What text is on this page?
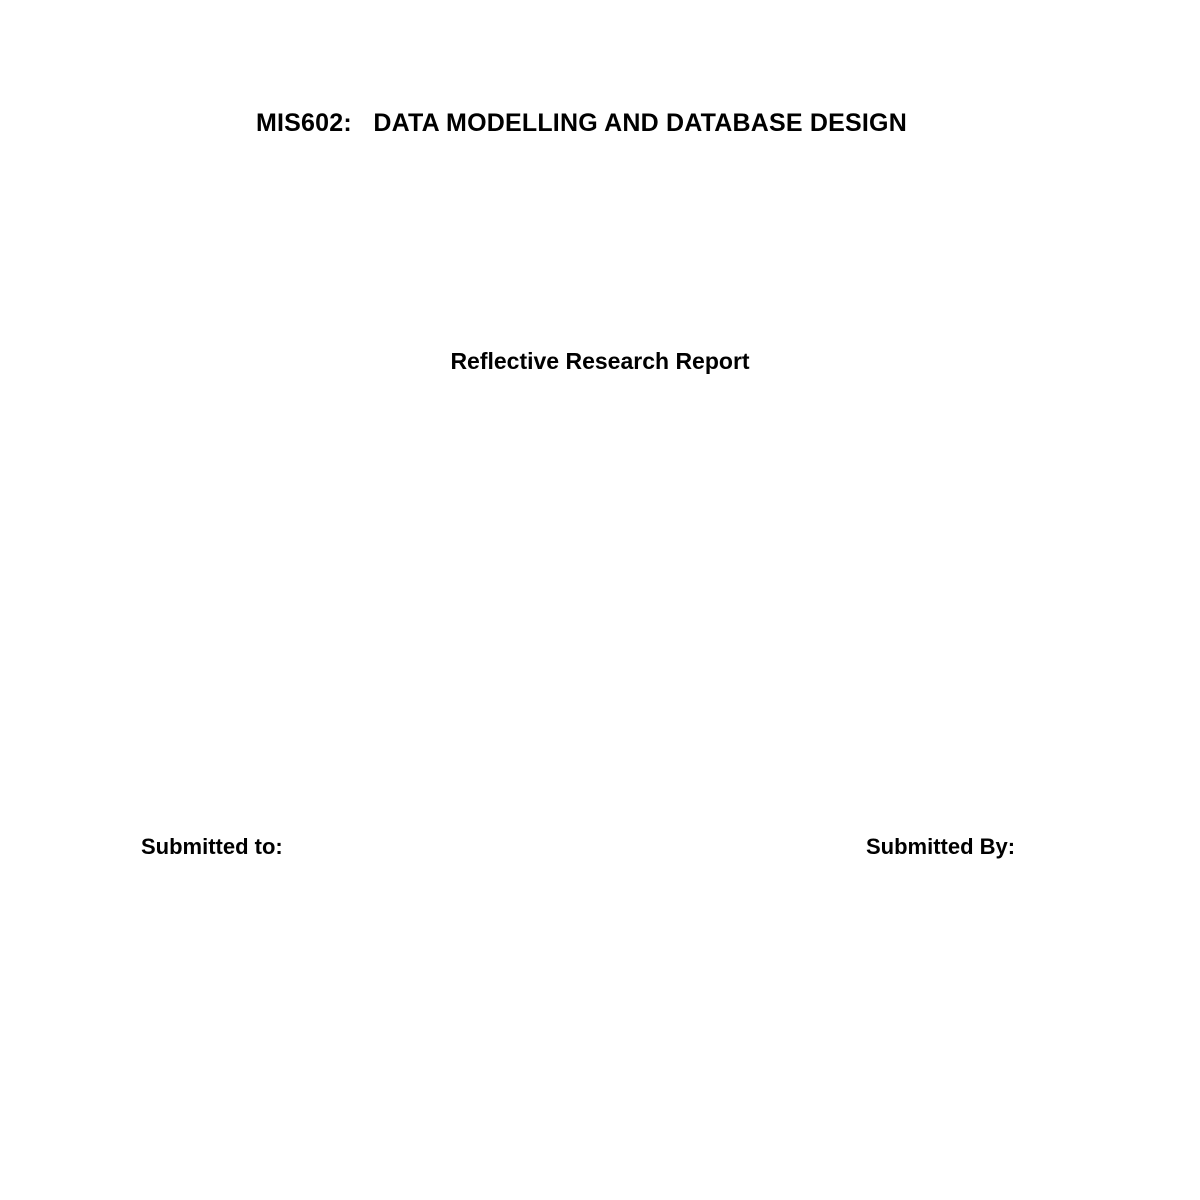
MIS602:   DATA MODELLING AND DATABASE DESIGN
Reflective Research Report
Submitted to:	Submitted By:
